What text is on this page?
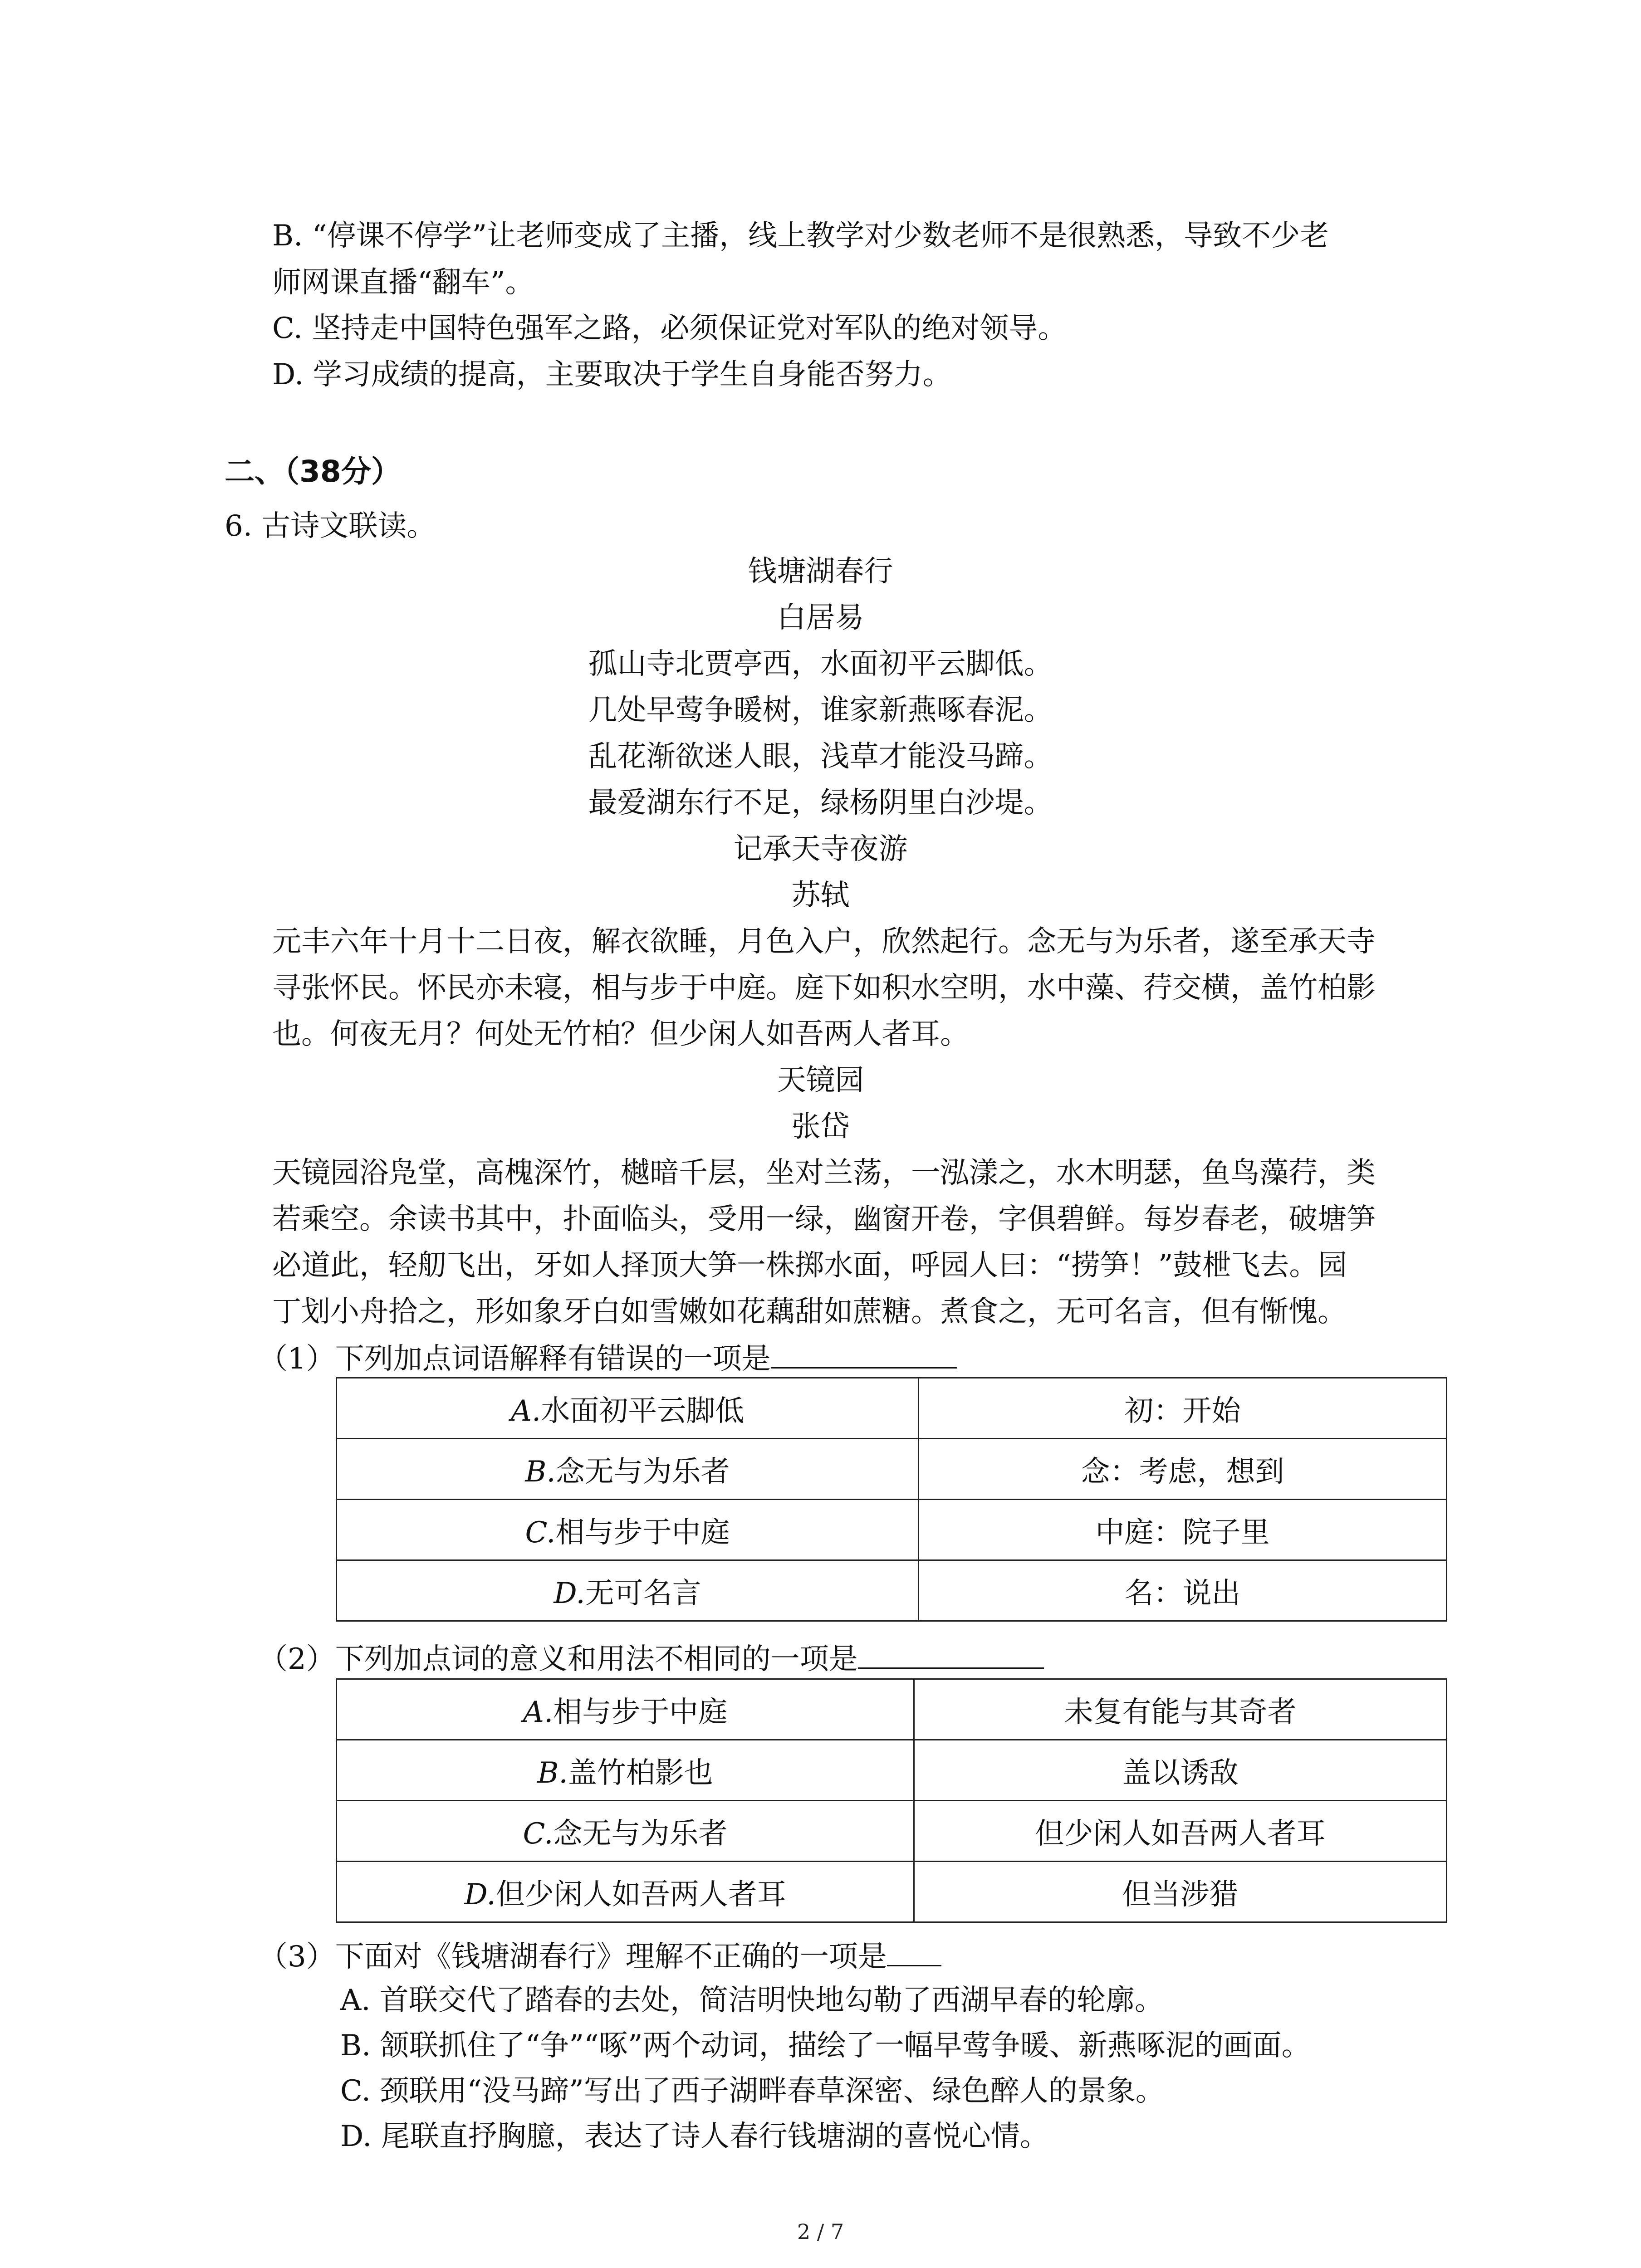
B. “停课不停学”让老师变成了主播，线上教学对少数老师不是很熟悉，导致不少老
师网课直播“翻车”。
C. 坚持走中国特色强军之路，必须保证党对军队的绝对领导。
D. 学习成绩的提高，主要取决于学生自身能否努力。
二、（38分）
6. 古诗文联读。
钱塘湖春行
白居易
孤山寺北贾亭西，水面初平云脚低。
几处早莺争暖树，谁家新燕啄春泥。
乱花渐欲迷人眼，浅草才能没马蹄。
最爱湖东行不足，绿杨阴里白沙堤。
记承天寺夜游
苏轼
元丰六年十月十二日夜，解衣欲睡，月色入户，欣然起行。念无与为乐者，遂至承天寺
寻张怀民。怀民亦未寝，相与步于中庭。庭下如积水空明，水中藻、荇交横，盖竹柏影
也。何夜无月？何处无竹柏？但少闲人如吾两人者耳。
天镜园
张岱
天镜园浴凫堂，高槐深竹，樾暗千层，坐对兰荡，一泓漾之，水木明瑟，鱼鸟藻荇，类
若乘空。余读书其中，扑面临头，受用一绿，幽窗开卷，字俱碧鲜。每岁春老，破塘笋
必道此，轻舠飞出，牙如人择顶大笋一株掷水面，呼园人曰：“捞笋！”鼓枻飞去。园
丁划小舟拾之，形如象牙白如雪嫩如花藕甜如蔗糖。煮食之，无可名言，但有惭愧。
（1）下列加点词语解释有错误的一项是
A.水面初平云脚低	初：开始
B.念无与为乐者	念：考虑，想到
C.相与步于中庭	中庭：院子里
D.无可名言	名：说出
（2）下列加点词的意义和用法不相同的一项是
A.相与步于中庭	未复有能与其奇者
B.盖竹柏影也	盖以诱敌
C.念无与为乐者	但少闲人如吾两人者耳
D.但少闲人如吾两人者耳	但当涉猎
（3）下面对《钱塘湖春行》理解不正确的一项是
A. 首联交代了踏春的去处，简洁明快地勾勒了西湖早春的轮廓。
B. 颔联抓住了“争”“啄”两个动词，描绘了一幅早莺争暖、新燕啄泥的画面。
C. 颈联用“没马蹄”写出了西子湖畔春草深密、绿色醉人的景象。
D. 尾联直抒胸臆，表达了诗人春行钱塘湖的喜悦心情。
2 / 7
